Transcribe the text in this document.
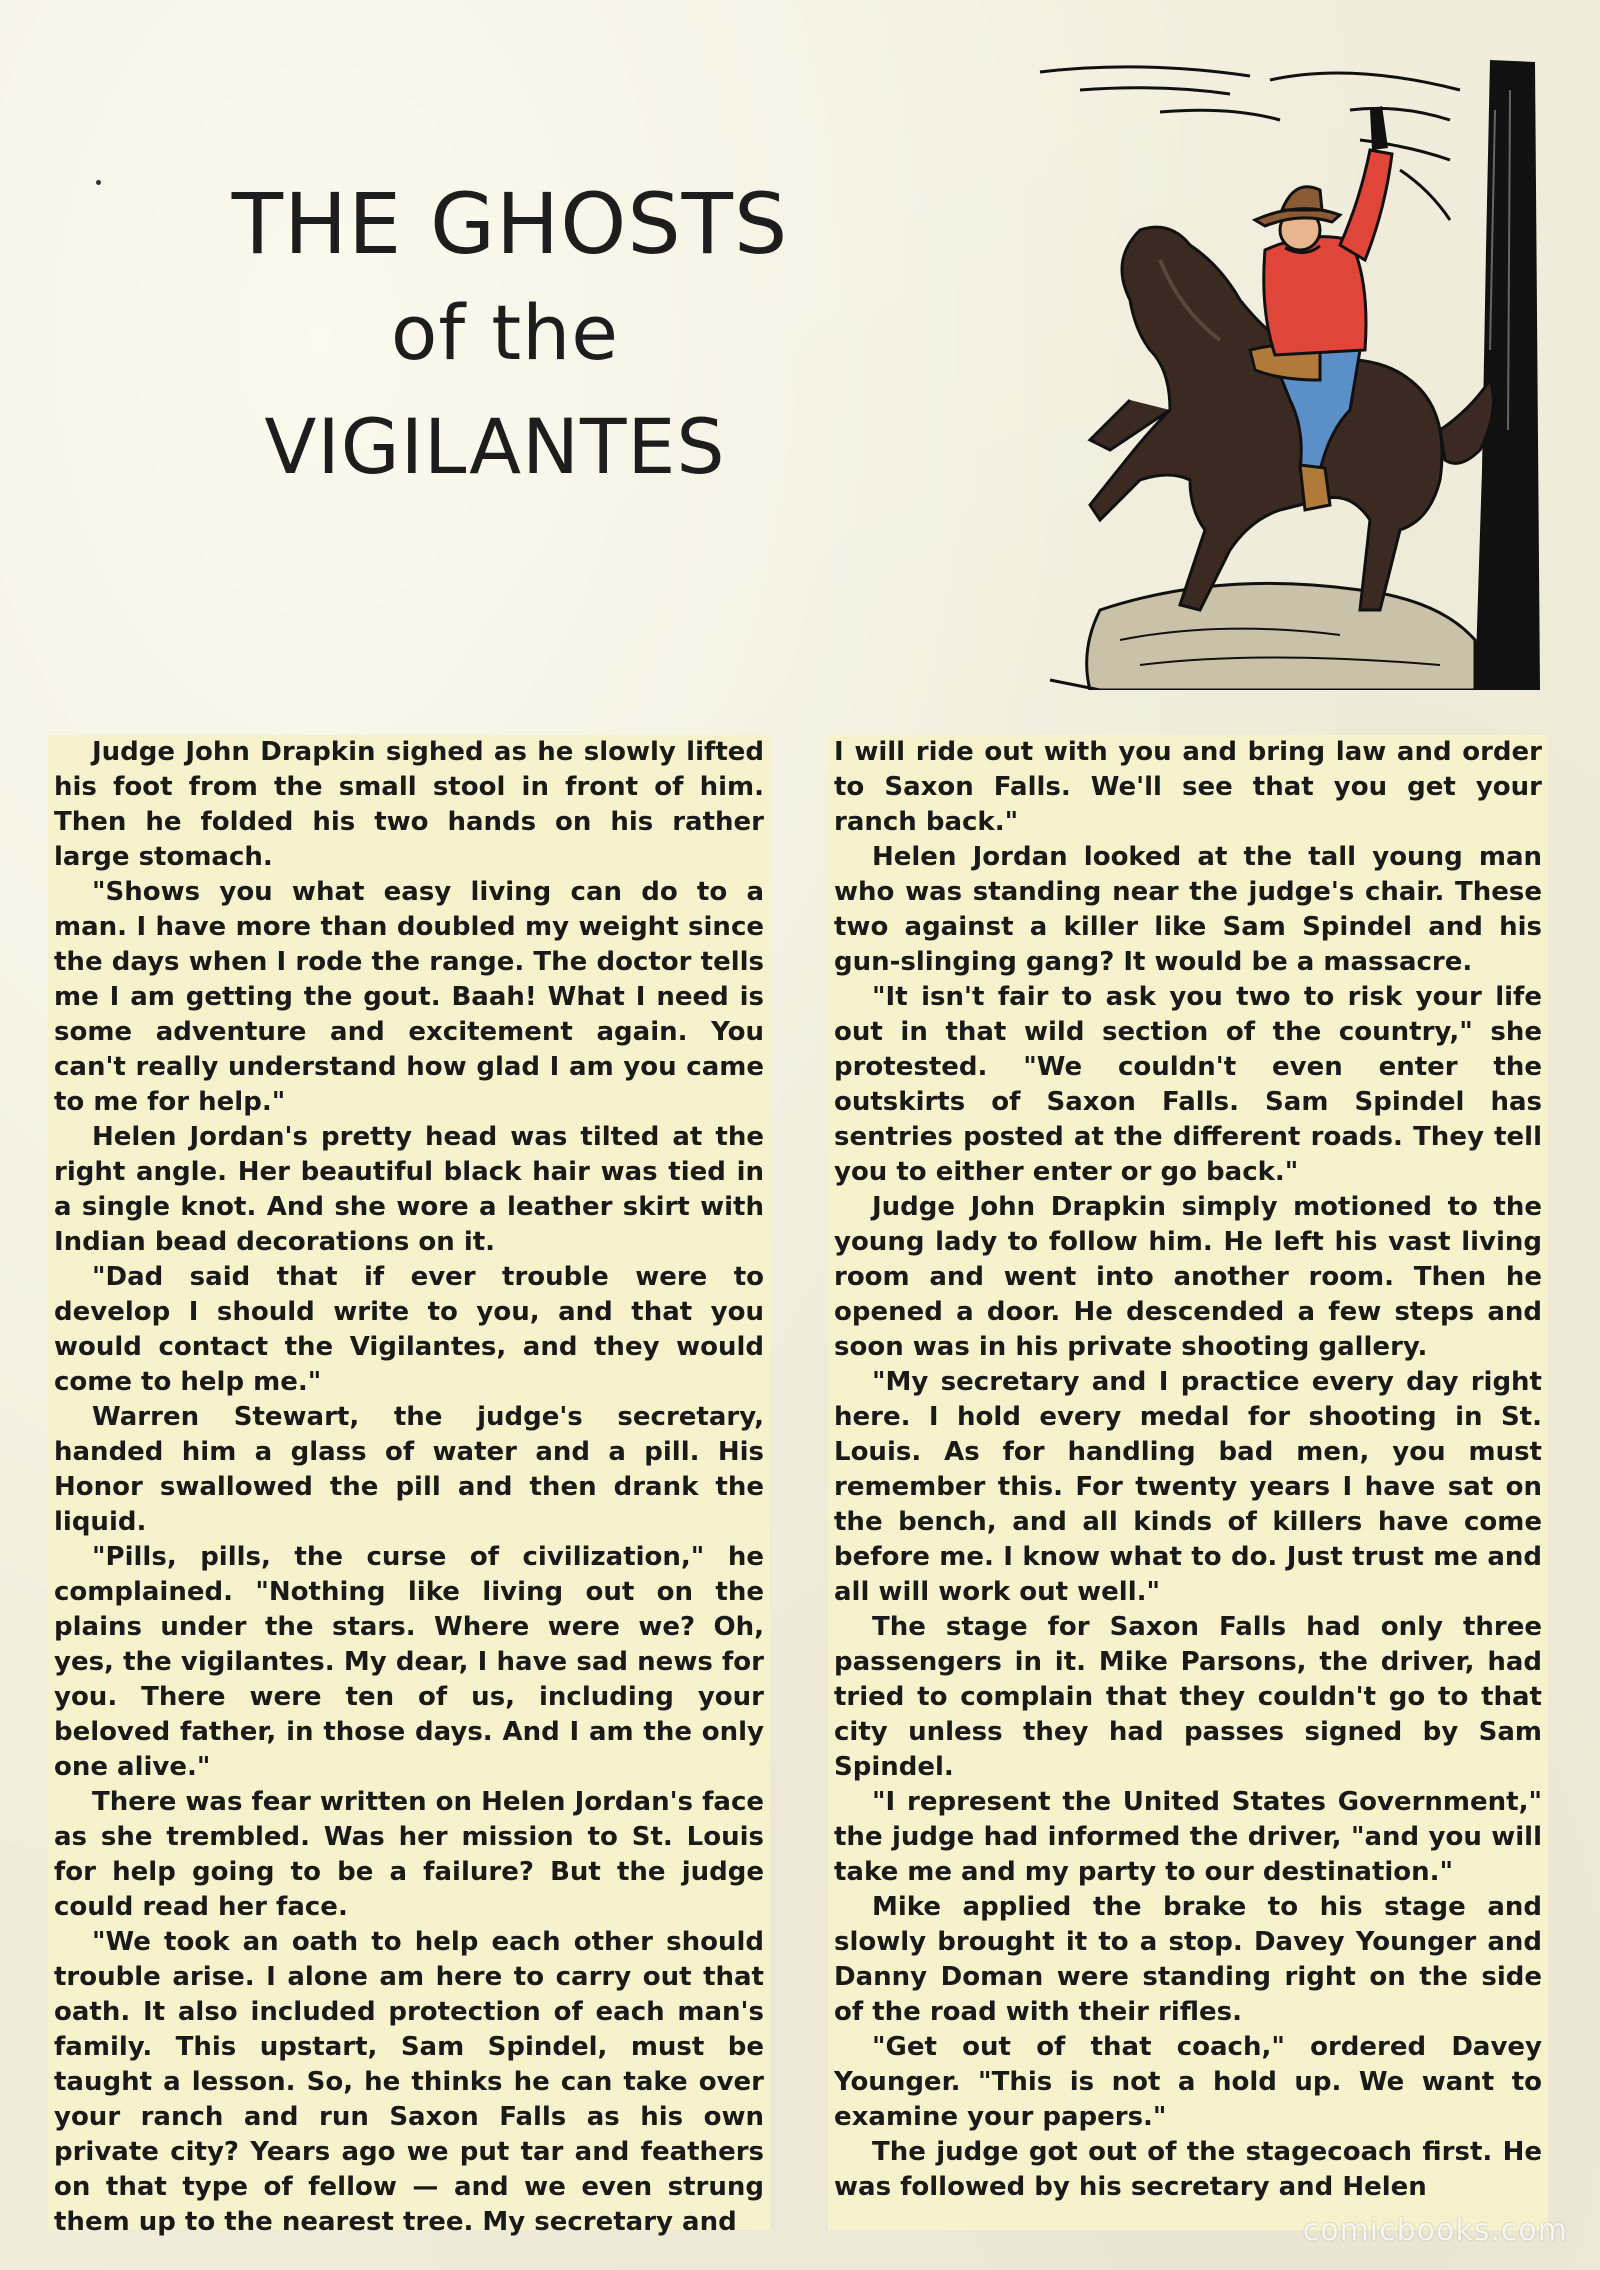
THE GHOSTS
of the
VIGILANTES

Judge John Drapkin sighed as he slowly lifted his foot from the small stool in front of him. Then he folded his two hands on his rather large stomach.

"Shows you what easy living can do to a man. I have more than doubled my weight since the days when I rode the range. The doctor tells me I am getting the gout. Baah! What I need is some adventure and excitement again. You can't really understand how glad I am you came to me for help."

Helen Jordan's pretty head was tilted at the right angle. Her beautiful black hair was tied in a single knot. And she wore a leather skirt with Indian bead decorations on it.

"Dad said that if ever trouble were to develop I should write to you, and that you would contact the Vigilantes, and they would come to help me."

Warren Stewart, the judge's secretary, handed him a glass of water and a pill. His Honor swallowed the pill and then drank the liquid.

"Pills, pills, the curse of civilization," he complained. "Nothing like living out on the plains under the stars. Where were we? Oh, yes, the vigilantes. My dear, I have sad news for you. There were ten of us, including your beloved father, in those days. And I am the only one alive."

There was fear written on Helen Jordan's face as she trembled. Was her mission to St. Louis for help going to be a failure? But the judge could read her face.

"We took an oath to help each other should trouble arise. I alone am here to carry out that oath. It also included protection of each man's family. This upstart, Sam Spindel, must be taught a lesson. So, he thinks he can take over your ranch and run Saxon Falls as his own private city? Years ago we put tar and feathers on that type of fellow — and we even strung them up to the nearest tree. My secretary and

I will ride out with you and bring law and order to Saxon Falls. We'll see that you get your ranch back."

Helen Jordan looked at the tall young man who was standing near the judge's chair. These two against a killer like Sam Spindel and his gun-slinging gang? It would be a massacre.

"It isn't fair to ask you two to risk your life out in that wild section of the country," she protested. "We couldn't even enter the outskirts of Saxon Falls. Sam Spindel has sentries posted at the different roads. They tell you to either enter or go back."

Judge John Drapkin simply motioned to the young lady to follow him. He left his vast living room and went into another room. Then he opened a door. He descended a few steps and soon was in his private shooting gallery.

"My secretary and I practice every day right here. I hold every medal for shooting in St. Louis. As for handling bad men, you must remember this. For twenty years I have sat on the bench, and all kinds of killers have come before me. I know what to do. Just trust me and all will work out well."

The stage for Saxon Falls had only three passengers in it. Mike Parsons, the driver, had tried to complain that they couldn't go to that city unless they had passes signed by Sam Spindel.

"I represent the United States Government," the judge had informed the driver, "and you will take me and my party to our destination."

Mike applied the brake to his stage and slowly brought it to a stop. Davey Younger and Danny Doman were standing right on the side of the road with their rifles.

"Get out of that coach," ordered Davey Younger. "This is not a hold up. We want to examine your papers."

The judge got out of the stagecoach first. He was followed by his secretary and Helen

comicbooks.com
